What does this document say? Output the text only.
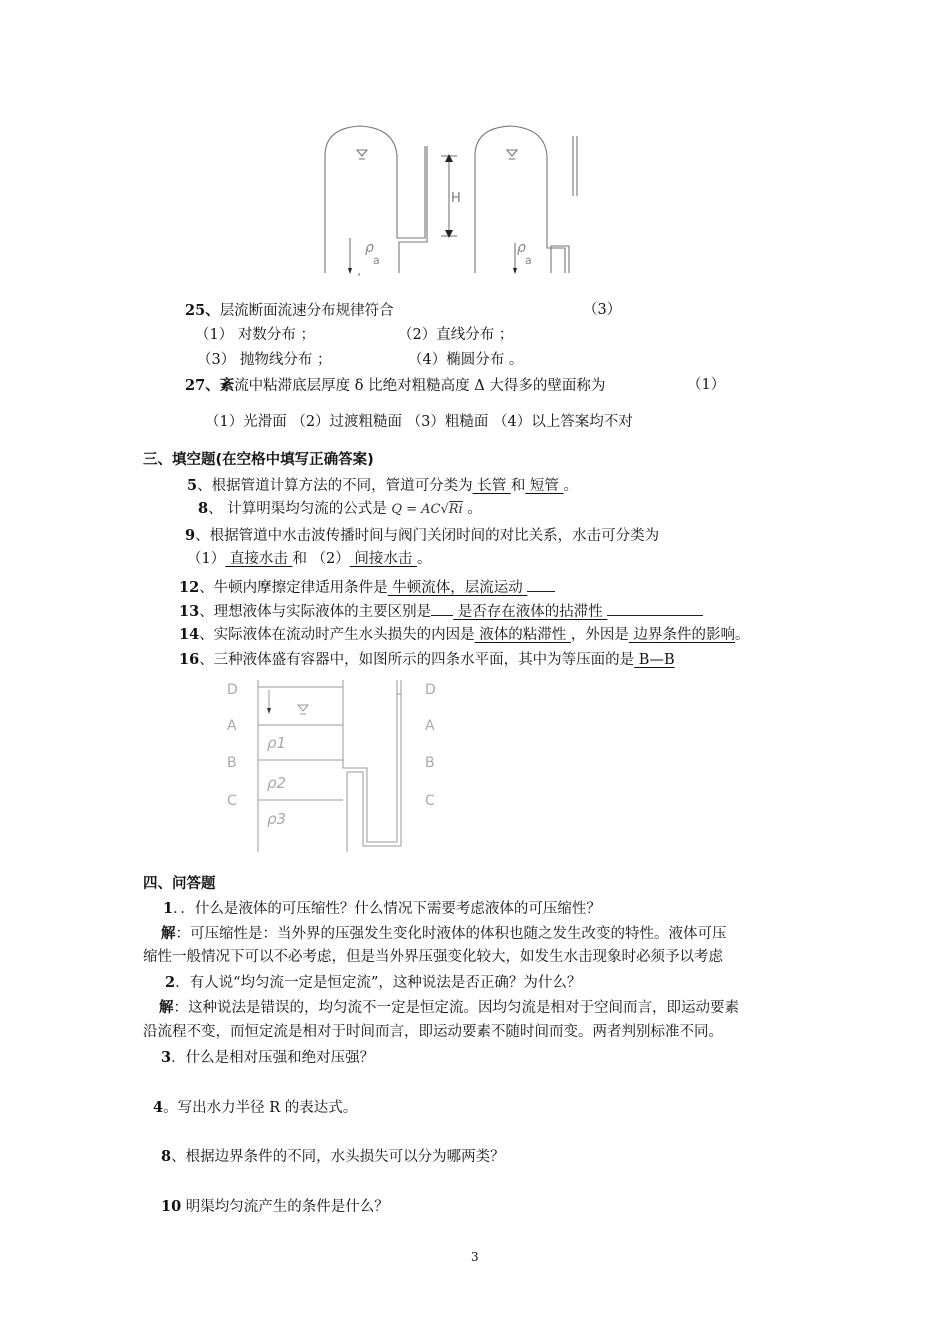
H
ρ
a
ρ
a
25、层流断面流速分布规律符合	（3）
（1） 对数分布 ；	（2）直线分布 ；
（3） 抛物线分布 ；	（4）椭圆分布 。
27、紊流中粘滞底层厚度 δ 比绝对粗糙高度 Δ 大得多的壁面称为	（1）
（1）光滑面 （2）过渡粗糙面 （3）粗糙面 （4）以上答案均不对
三、填空题(在空格中填写正确答案)
5、根据管道计算方法的不同，管道可分类为 长管 和 短管 。
8、 计算明渠均匀流的公式是 Q = AC√Ri 。
9、根据管道中水击波传播时间与阀门关闭时间的对比关系，水击可分类为
（1） 直接水击 和 （2） 间接水击 。
12、牛顿内摩擦定律适用条件是 牛顿流体，层流运动
13、理想液体与实际液体的主要区别是 是否存在液体的拈滞性
14、实际液体在流动时产生水头损失的内因是 液体的粘滞性 ，外因是 边界条件的影响。
16、三种液体盛有容器中，如图所示的四条水平面，其中为等压面的是 B—B
D
A
B
C
D
A
B
C
ρ1
ρ2
ρ3
四、问答题
1．．什么是液体的可压缩性？什么情况下需要考虑液体的可压缩性？
解：可压缩性是：当外界的压强发生变化时液体的体积也随之发生改变的特性。液体可压
缩性一般情况下可以不必考虑，但是当外界压强变化较大，如发生水击现象时必须予以考虑
2．有人说“均匀流一定是恒定流”，这种说法是否正确？为什么？
解：这种说法是错误的，均匀流不一定是恒定流。因均匀流是相对于空间而言，即运动要素
沿流程不变，而恒定流是相对于时间而言，即运动要素不随时间而变。两者判别标准不同。
3．什么是相对压强和绝对压强？
4。写出水力半径 R 的表达式。
8、根据边界条件的不同，水头损失可以分为哪两类？
10 明渠均匀流产生的条件是什么？
3
